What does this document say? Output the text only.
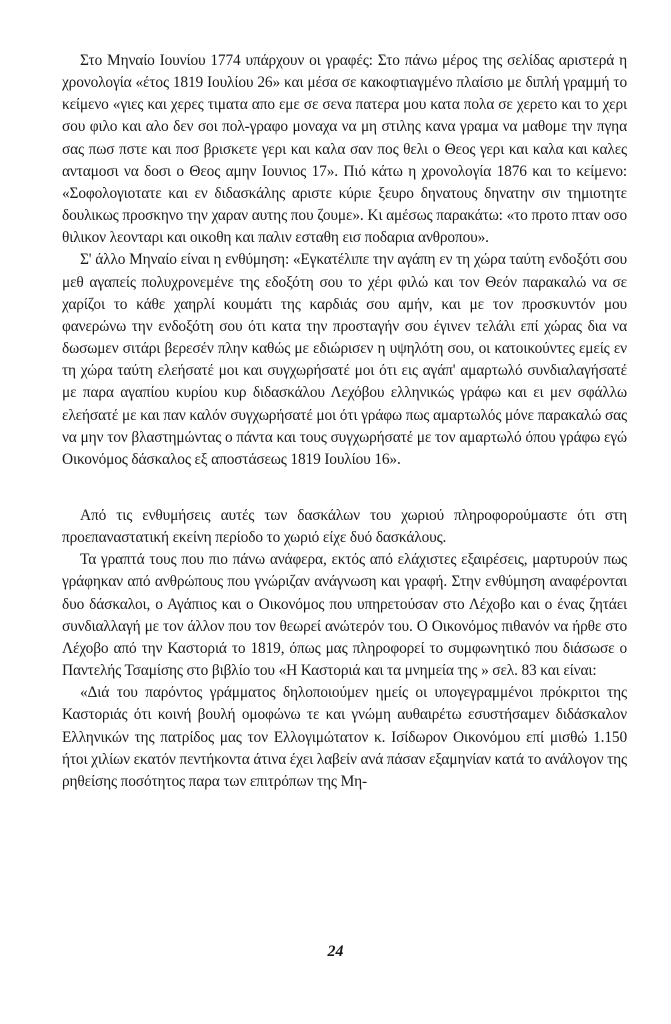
Στο Μηναίο Ιουνίου 1774 υπάρχουν οι γραφές: Στο πάνω μέρος της σελίδας αριστερά η χρονολογία «έτος 1819 Ιουλίου 26» και μέσα σε κακοφτιαγμένο πλαίσιο με διπλή γραμμή το κείμενο «γιες και χερες τιματα απο εμε σε σενα πατερα μου κατα πολα σε χερετο και το χερι σου φιλο και αλο δεν σοι πολ-γραφο μοναχα να μη στιλης κανα γραμα να μαθομε την πγηα σας πωσ πστε και ποσ βρισκετε γερι και καλα σαν πος θελι ο Θεος γερι και καλα και καλες ανταμοσι να δοσι ο Θεος αμην Ιουνιος 17». Πιό κάτω η χρονολογία 1876 και το κείμενο: «Σοφολογιοτατε και εν διδασκάλης αριστε κύριε ξευρο δηνατους δηνατην σιν τημιοτητε δουλικως προσκηνο την χαραν αυτης που ζουμε». Κι αμέσως παρακάτω: «το προτο πταν οσο θιλικον λεονταρι και οικοθη και παλιν εσταθη εισ ποδαρια ανθροπου».

Σ' άλλο Μηναίο είναι η ενθύμηση: «Εγκατέλιπε την αγάπη εν τη χώρα ταύτη ενδοξότι σου μεθ αγαπείς πολυχρονεμένε της εδοξότη σου το χέρι φιλώ και τον Θεόν παρακαλώ να σε χαρίζοι το κάθε χαηρλί κουμάτι της καρδιάς σου αμήν, και με τον προσκυντόν μου φανερώνω την ενδοξότη σου ότι κατα την προσταγήν σου έγινεν τελάλι επί χώρας δια να δωσωμεν σιτάρι βερεσέν πλην καθώς με εδιώρισεν η υψηλότη σου, οι κατοικούντες εμείς εν τη χώρα ταύτη ελεήσατέ μοι και συγχωρήσατέ μοι ότι εις αγάπ' αμαρτωλό συνδιαλαγήσατέ με παρα αγαπίου κυρίου κυρ διδασκάλου Λεχόβου ελληνικώς γράφω και ει μεν σφάλλω ελεήσατέ με και παν καλόν συγχωρήσατέ μοι ότι γράφω πως αμαρτωλός μόνε παρακαλώ σας να μην τον βλαστημώντας ο πάντα και τους συγχωρήσατέ με τον αμαρτωλό όπου γράφω εγώ Οικονόμος δάσκαλος εξ αποστάσεως 1819 Ιουλίου 16».

Από τις ενθυμήσεις αυτές των δασκάλων του χωριού πληροφορούμαστε ότι στη προεπαναστατική εκείνη περίοδο το χωριό είχε δυό δασκάλους.

Τα γραπτά τους που πιο πάνω ανάφερα, εκτός από ελάχιστες εξαιρέσεις, μαρτυρούν πως γράφηκαν από ανθρώπους που γνώριζαν ανάγνωση και γραφή. Στην ενθύμηση αναφέρονται δυο δάσκαλοι, ο Αγάπιος και ο Οικονόμος που υπηρετούσαν στο Λέχοβο και ο ένας ζητάει συνδιαλλαγή με τον άλλον που τον θεωρεί ανώτερόν του. Ο Οικονόμος πιθανόν να ήρθε στο Λέχοβο από την Καστοριά το 1819, όπως μας πληροφορεί το συμφωνητικό που διάσωσε ο Παντελής Τσαμίσης στο βιβλίο του «Η Καστοριά και τα μνημεία της » σελ. 83 και είναι:

«Διά του παρόντος γράμματος δηλοποιούμεν ημείς οι υπογεγραμμένοι πρόκριτοι της Καστοριάς ότι κοινή βουλή ομοφώνω τε και γνώμη αυθαιρέτω εσυστήσαμεν διδάσκαλον Ελληνικών της πατρίδος μας τον Ελλογιμώτατον κ. Ισίδωρον Οικονόμου επί μισθώ 1.150 ήτοι χιλίων εκατόν πεντήκοντα άτινα έχει λαβείν ανά πάσαν εξαμηνίαν κατά το ανάλογον της ρηθείσης ποσότητος παρα των επιτρόπων της Μη-

24
